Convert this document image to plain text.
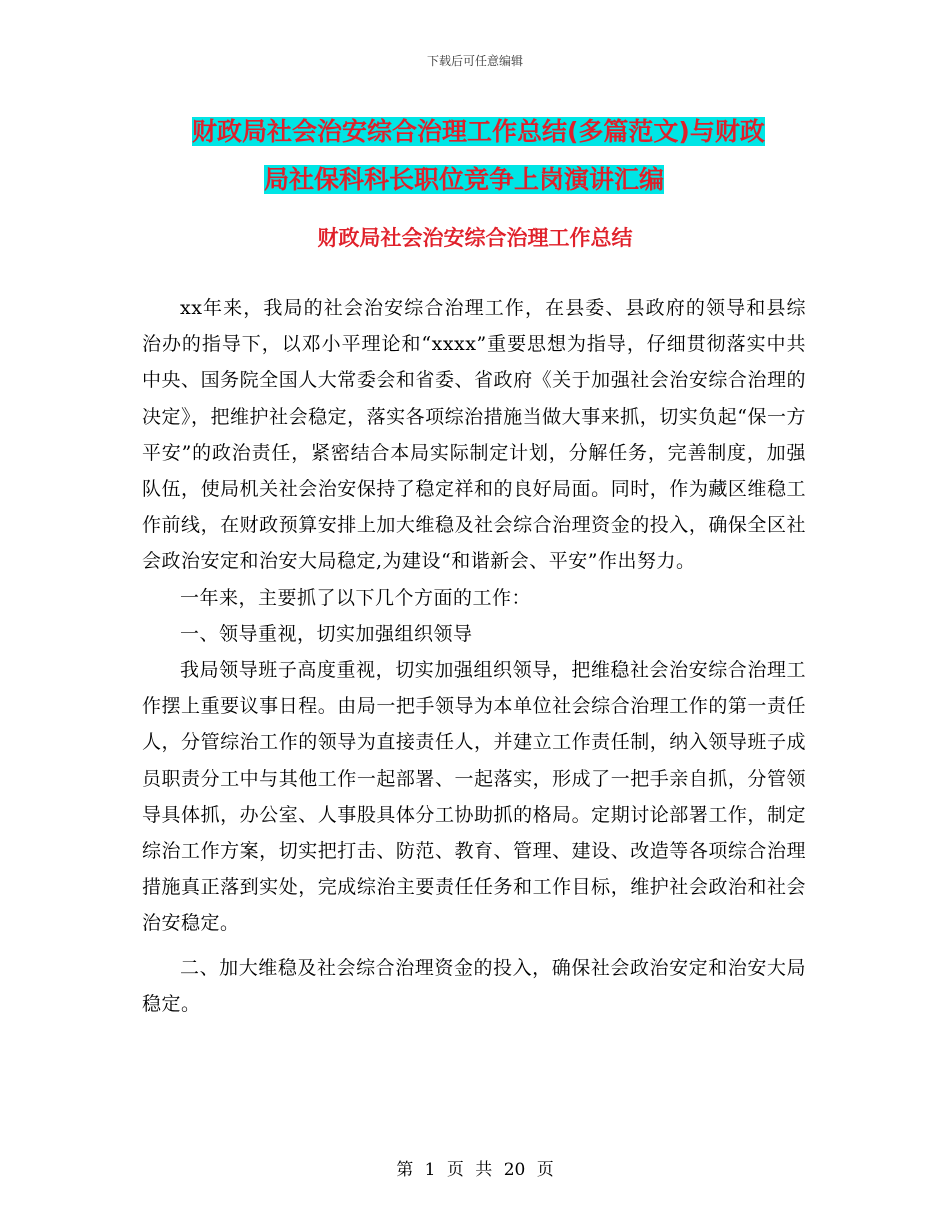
下载后可任意编辑
财政局社会治安综合治理工作总结(多篇范文)与财政
局社保科科长职位竞争上岗演讲汇编
财政局社会治安综合治理工作总结

xx年来，我局的社会治安综合治理工作，在县委、县政府的领导和县综治办的指导下，以邓小平理论和“xxxx”重要思想为指导，仔细贯彻落实中共中央、国务院全国人大常委会和省委、省政府《关于加强社会治安综合治理的决定》，把维护社会稳定，落实各项综治措施当做大事来抓，切实负起“保一方平安”的政治责任，紧密结合本局实际制定计划，分解任务，完善制度，加强队伍，使局机关社会治安保持了稳定祥和的良好局面。同时，作为藏区维稳工作前线，在财政预算安排上加大维稳及社会综合治理资金的投入，确保全区社会政治安定和治安大局稳定,为建设“和谐新会、平安”作出努力。

一年来，主要抓了以下几个方面的工作：

一、领导重视，切实加强组织领导

我局领导班子高度重视，切实加强组织领导，把维稳社会治安综合治理工作摆上重要议事日程。由局一把手领导为本单位社会综合治理工作的第一责任人，分管综治工作的领导为直接责任人，并建立工作责任制，纳入领导班子成员职责分工中与其他工作一起部署、一起落实，形成了一把手亲自抓，分管领导具体抓，办公室、人事股具体分工协助抓的格局。定期讨论部署工作，制定综治工作方案，切实把打击、防范、教育、管理、建设、改造等各项综合治理措施真正落到实处，完成综治主要责任任务和工作目标，维护社会政治和社会治安稳定。

二、加大维稳及社会综合治理资金的投入，确保社会政治安定和治安大局稳定。

第 1 页 共 20 页
